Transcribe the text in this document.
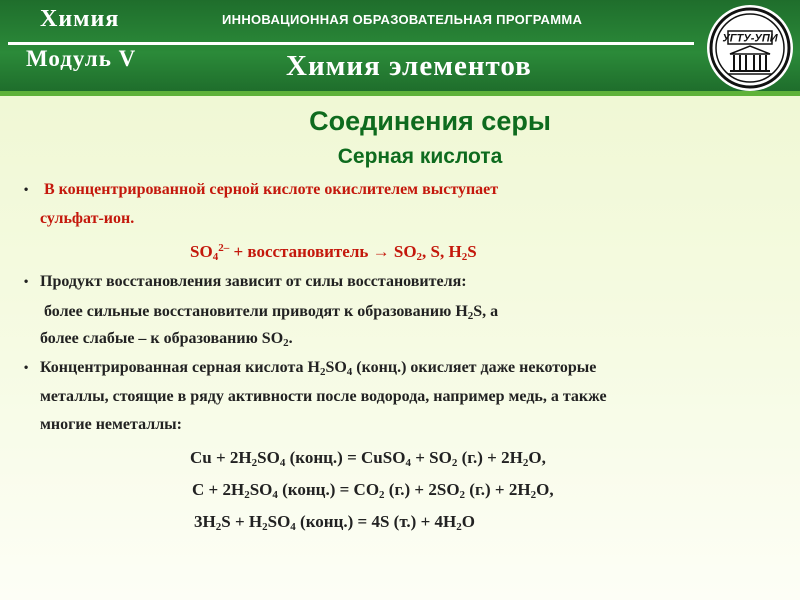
Химия
Модуль V
ИННОВАЦИОННАЯ ОБРАЗОВАТЕЛЬНАЯ ПРОГРАММА
Химия элементов
УГТУ-УПИ
Соединения серы
Серная кислота
• В концентрированной серной кислоте окислителем выступает
сульфат-ион.
$SO_4^{2-}$ + восстановитель → $SO_2$, S, $H_2S$
• Продукт восстановления зависит от силы восстановителя:
более сильные восстановители приводят к образованию $H_2S$, а
более слабые – к образованию $SO_2$.
• Концентрированная серная кислота $H_2SO_4$ (конц.) окисляет даже некоторые
металлы, стоящие в ряду активности после водорода, например медь, а также
многие неметаллы:
$Cu + 2H_2SO_4$ (конц.) = CuSO$_4$ + $SO_2$ $(г.) + 2H_2O$,
$C + 2H_2SO_4$ (конц.) = $CO_2$ $(г.) + 2SO_2$ $(г.) + 2H_2O$,
$3H_2S + H_2SO_4$ (конц.) = 4S $(т.) + 4H_2O$
